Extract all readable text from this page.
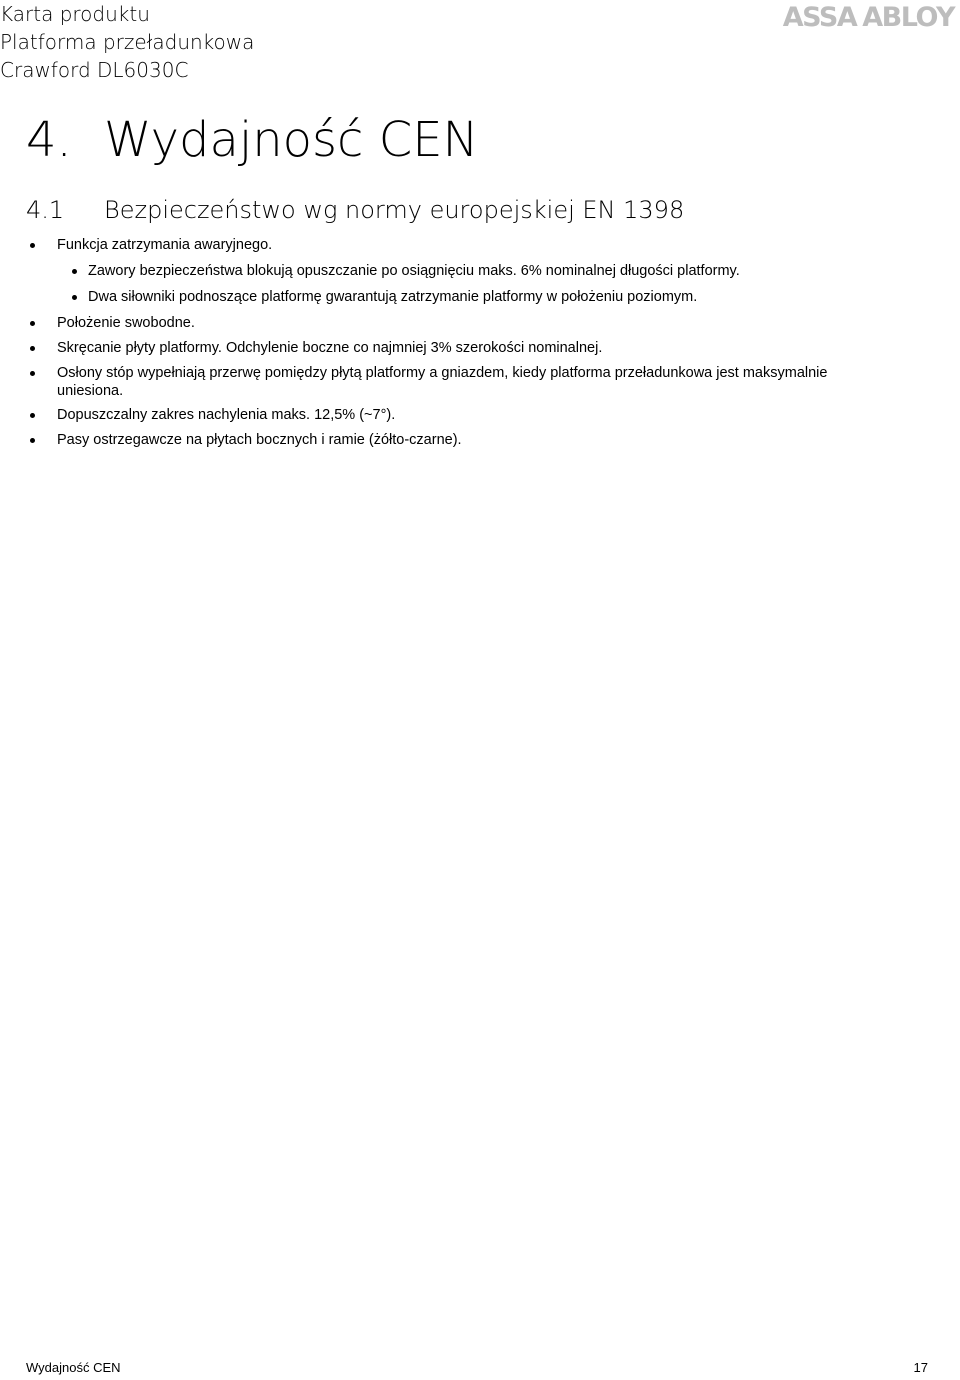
Karta produktu
Platforma przeładunkowa
Crawford DL6030C
ASSA ABLOY
4. Wydajność CEN
4.1 Bezpieczeństwo wg normy europejskiej EN 1398
Funkcja zatrzymania awaryjnego.
Zawory bezpieczeństwa blokują opuszczanie po osiągnięciu maks. 6% nominalnej długości platformy.
Dwa siłowniki podnoszące platformę gwarantują zatrzymanie platformy w położeniu poziomym.
Położenie swobodne.
Skręcanie płyty platformy. Odchylenie boczne co najmniej 3% szerokości nominalnej.
Osłony stóp wypełniają przerwę pomiędzy płytą platformy a gniazdem, kiedy platforma przeładunkowa jest maksymalnie
uniesiona.
Dopuszczalny zakres nachylenia maks. 12,5% (~7°).
Pasy ostrzegawcze na płytach bocznych i ramie (żółto-czarne).
Wydajność CEN	17
